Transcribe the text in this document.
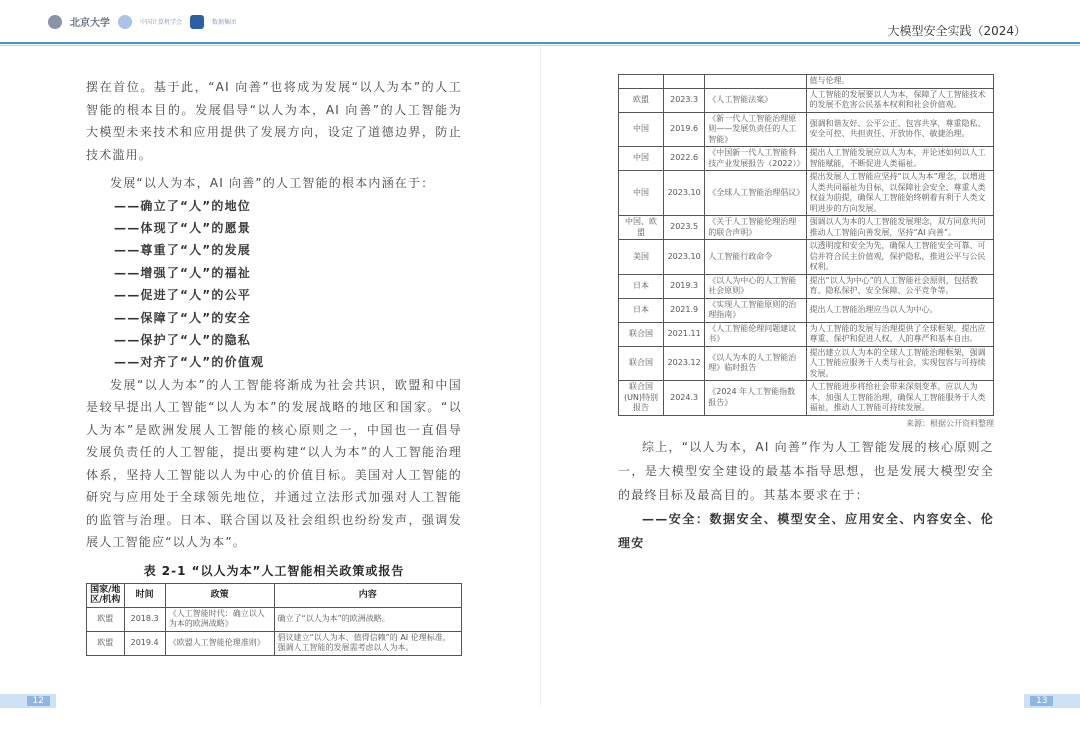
北京大学	中国计算机学会	数据集团
大模型安全实践（2024）

摆在首位。基于此，“AI 向善”也将成为发展“以人为本”的人工智能的根本目的。发展倡导“以人为本，AI 向善”的人工智能为大模型未来技术和应用提供了发展方向，设定了道德边界，防止技术滥用。

发展“以人为本，AI 向善”的人工智能的根本内涵在于：

——确立了“人”的地位

——体现了“人”的愿景

——尊重了“人”的发展

——增强了“人”的福祉

——促进了“人”的公平

——保障了“人”的安全

——保护了“人”的隐私

——对齐了“人”的价值观

发展“以人为本”的人工智能将渐成为社会共识，欧盟和中国是较早提出人工智能“以人为本”的发展战略的地区和国家。“以人为本”是欧洲发展人工智能的核心原则之一，中国也一直倡导发展负责任的人工智能，提出要构建“以人为本”的人工智能治理体系，坚持人工智能以人为中心的价值目标。美国对人工智能的研究与应用处于全球领先地位，并通过立法形式加强对人工智能的监管与治理。日本、联合国以及社会组织也纷纷发声，强调发展人工智能应“以人为本”。

表 2-1 “以人为本”人工智能相关政策或报告
国家/地区/机构	时间	政策	内容
欧盟	2018.3	《人工智能时代：确立以人为本的欧洲战略》	确立了“以人为本”的欧洲战略。
欧盟	2019.4	《欧盟人工智能伦理准则》	倡议建立“以人为本、值得信赖”的 AI 伦理标准，强调人工智能的发展需考虑以人为本。
			值与伦理。
欧盟	2023.3	《人工智能法案》	人工智能的发展要以人为本，保障了人工智能技术的发展不危害公民基本权利和社会价值观。
中国	2019.6	《新一代人工智能治理原则——发展负责任的人工智能》	强调和谐友好、公平公正、包容共享，尊重隐私、安全可控、共担责任、开放协作、敏捷治理。
中国	2022.6	《中国新一代人工智能科技产业发展报告（2022）》	提出人工智能发展应以人为本，并论述如何以人工智能赋能，不断促进人类福祉。
中国	2023.10	《全球人工智能治理倡议》	提出发展人工智能应坚持“以人为本”理念，以增进人类共同福祉为目标，以保障社会安全、尊重人类权益为前提，确保人工智能始终朝着有利于人类文明进步的方向发展。
中国、欧盟	2023.5	《关于人工智能伦理治理的联合声明》	强调以人为本的人工智能发展理念，双方同意共同推动人工智能向善发展，坚持“AI 向善”。
美国	2023.10	人工智能行政命令	以透明度和安全为先，确保人工智能安全可靠、可信并符合民主价值观，保护隐私，推进公平与公民权利。
日本	2019.3	《以人为中心的人工智能社会原则》	提出“以人为中心”的人工智能社会原则，包括教育、隐私保护、安全保障、公平竞争等。
日本	2021.9	《实现人工智能原则的治理指南》	提出人工智能治理应当以人为中心。
联合国	2021.11	《人工智能伦理问题建议书》	为人工智能的发展与治理提供了全球框架，提出应尊重、保护和促进人权、人的尊严和基本自由。
联合国	2023.12	《以人为本的人工智能治理》临时报告	提出建立以人为本的全球人工智能治理框架，强调人工智能应服务于人类与社会，实现包容与可持续发展。
联合国(UN)特别报告	2024.3	《2024 年人工智能指数报告》	人工智能进步将给社会带来深刻变革，应以人为本，加强人工智能治理，确保人工智能服务于人类福祉，推动人工智能可持续发展。
来源：根据公开资料整理

综上，“以人为本，AI 向善”作为人工智能发展的核心原则之一，是大模型安全建设的最基本指导思想，也是发展大模型安全的最终目标及最高目的。其基本要求在于：

——安全：数据安全、模型安全、应用安全、内容安全、伦理安

12	13
